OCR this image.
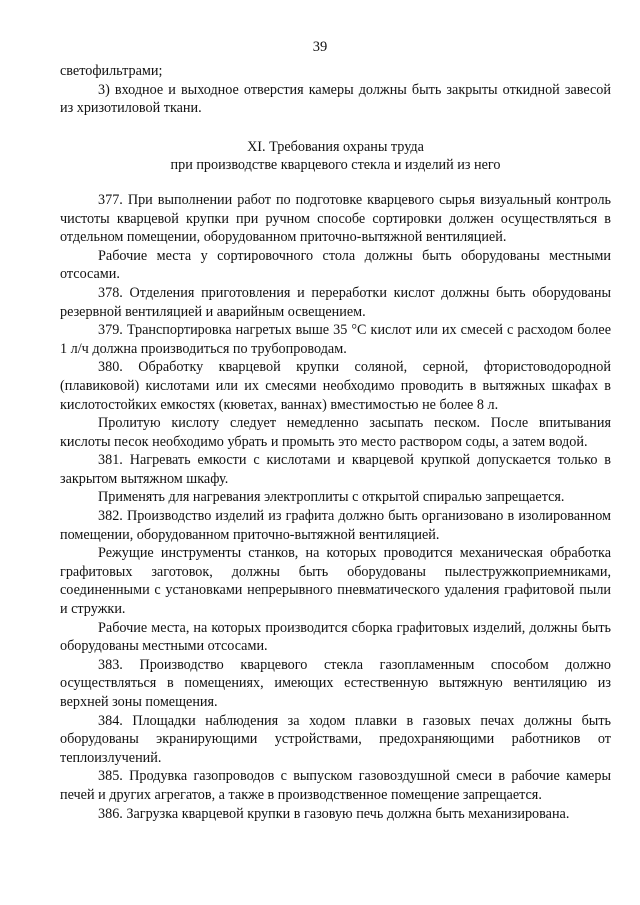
39

светофильтрами;

3) входное и выходное отверстия камеры должны быть закрыты откидной завесой из хризотиловой ткани.

XI. Требования охраны труда

при производстве кварцевого стекла и изделий из него

377. При выполнении работ по подготовке кварцевого сырья визуальный контроль чистоты кварцевой крупки при ручном способе сортировки должен осуществляться в отдельном помещении, оборудованном приточно-вытяжной вентиляцией.

Рабочие места у сортировочного стола должны быть оборудованы местными отсосами.

378. Отделения приготовления и переработки кислот должны быть оборудованы резервной вентиляцией и аварийным освещением.

379. Транспортировка нагретых выше 35 °С кислот или их смесей с расходом более 1 л/ч должна производиться по трубопроводам.

380. Обработку кварцевой крупки соляной, серной, фтористоводородной (плавиковой) кислотами или их смесями необходимо проводить в вытяжных шкафах в кислотостойких емкостях (кюветах, ваннах) вместимостью не более 8 л.

Пролитую кислоту следует немедленно засыпать песком. После впитывания кислоты песок необходимо убрать и промыть это место раствором соды, а затем водой.

381. Нагревать емкости с кислотами и кварцевой крупкой допускается только в закрытом вытяжном шкафу.

Применять для нагревания электроплиты с открытой спиралью запрещается.

382. Производство изделий из графита должно быть организовано в изолированном помещении, оборудованном приточно-вытяжной вентиляцией.

Режущие инструменты станков, на которых проводится механическая обработка графитовых заготовок, должны быть оборудованы пылестружкоприемниками, соединенными с установками непрерывного пневматического удаления графитовой пыли и стружки.

Рабочие места, на которых производится сборка графитовых изделий, должны быть оборудованы местными отсосами.

383. Производство кварцевого стекла газопламенным способом должно осуществляться в помещениях, имеющих естественную вытяжную вентиляцию из верхней зоны помещения.

384. Площадки наблюдения за ходом плавки в газовых печах должны быть оборудованы экранирующими устройствами, предохраняющими работников от теплоизлучений.

385. Продувка газопроводов с выпуском газовоздушной смеси в рабочие камеры печей и других агрегатов, а также в производственное помещение запрещается.

386. Загрузка кварцевой крупки в газовую печь должна быть механизирована.
